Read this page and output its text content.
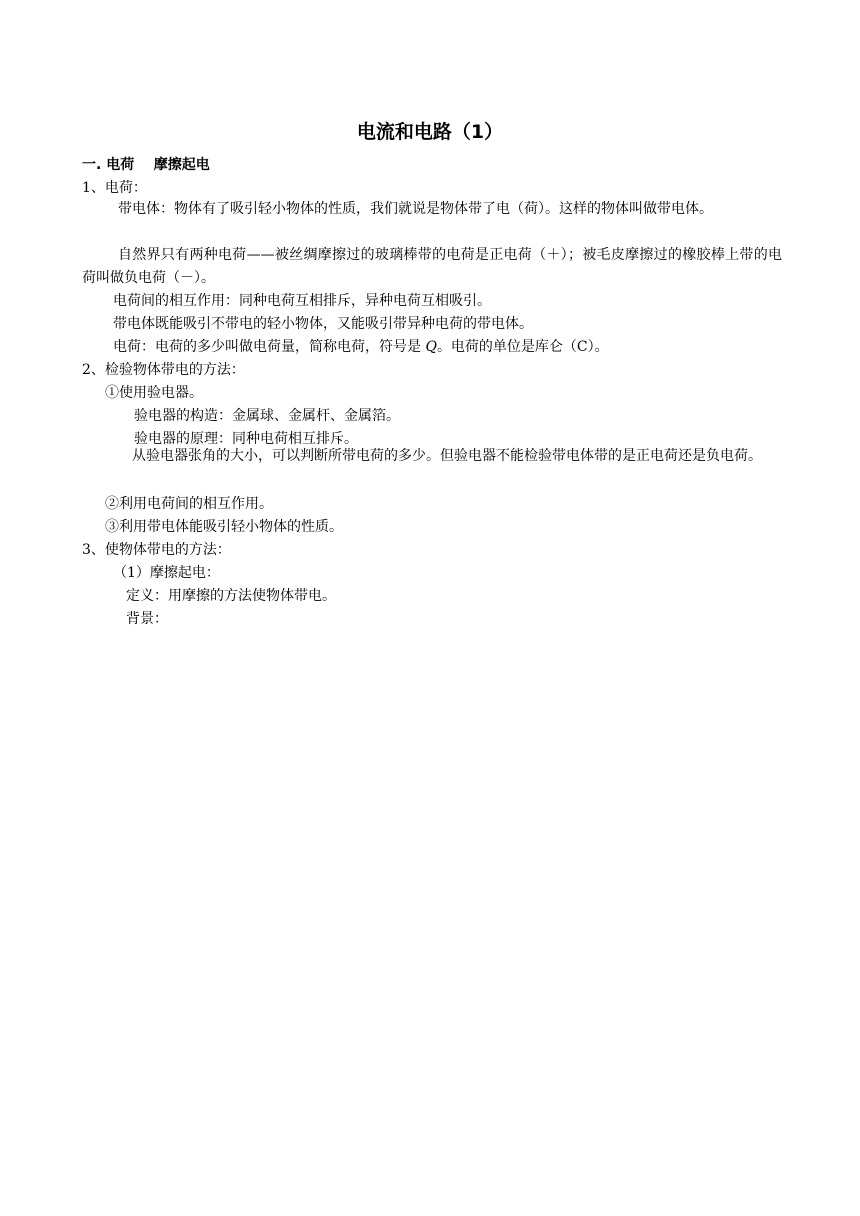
电流和电路（1）
一. 电荷    摩擦起电
1、电荷：
带电体：物体有了吸引轻小物体的性质，我们就说是物体带了电（荷）。这样的物体叫做带电体。
自然界只有两种电荷——被丝绸摩擦过的玻璃棒带的电荷是正电荷（＋）；被毛皮摩擦过的橡胶棒上带的电荷叫做负电荷（－）。
电荷间的相互作用：同种电荷互相排斥，异种电荷互相吸引。
带电体既能吸引不带电的轻小物体，又能吸引带异种电荷的带电体。
电荷：电荷的多少叫做电荷量，简称电荷，符号是 Q。电荷的单位是库仑（C）。
2、检验物体带电的方法：
①使用验电器。
验电器的构造：金属球、金属杆、金属箔。
验电器的原理：同种电荷相互排斥。
从验电器张角的大小，可以判断所带电荷的多少。但验电器不能检验带电体带的是正电荷还是负电荷。
②利用电荷间的相互作用。
③利用带电体能吸引轻小物体的性质。
3、使物体带电的方法：
（1）摩擦起电：
定义：用摩擦的方法使物体带电。
背景：
